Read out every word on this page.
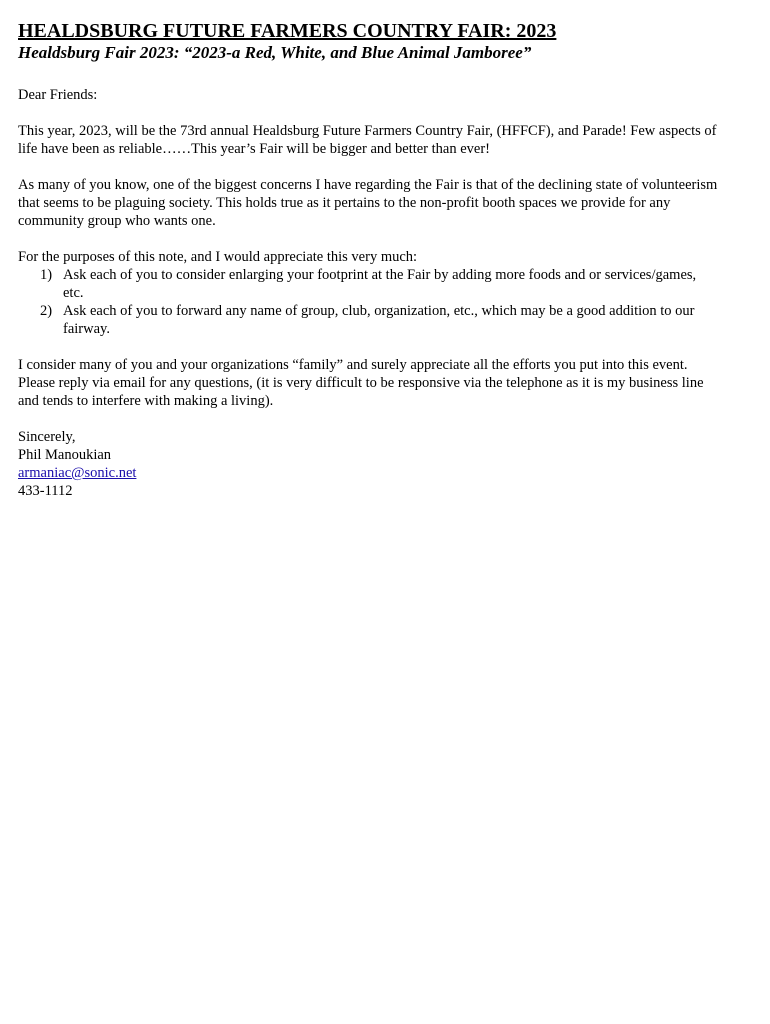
HEALDSBURG FUTURE FARMERS COUNTRY FAIR: 2023
Healdsburg Fair 2023: “2023-a Red, White, and Blue Animal Jamboree”

Dear Friends:

This year, 2023, will be the 73rd annual Healdsburg Future Farmers Country Fair, (HFFCF), and Parade! Few aspects of life have been as reliable……This year’s Fair will be bigger and better than ever!

As many of you know, one of the biggest concerns I have regarding the Fair is that of the declining state of volunteerism that seems to be plaguing society. This holds true as it pertains to the non-profit booth spaces we provide for any community group who wants one.

For the purposes of this note, and I would appreciate this very much:

1) Ask each of you to consider enlarging your footprint at the Fair by adding more foods and or services/games, etc.
2) Ask each of you to forward any name of group, club, organization, etc., which may be a good addition to our fairway.

I consider many of you and your organizations “family” and surely appreciate all the efforts you put into this event. Please reply via email for any questions, (it is very difficult to be responsive via the telephone as it is my business line and tends to interfere with making a living).

Sincerely,

Phil Manoukian

armaniac@sonic.net

433-1112
